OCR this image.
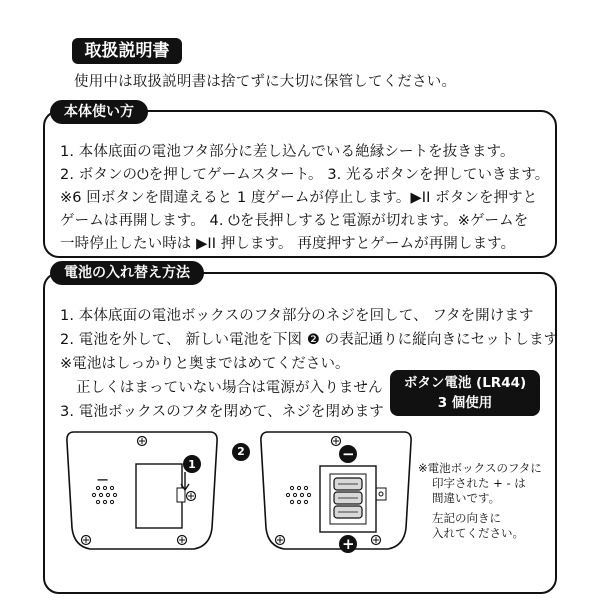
取扱説明書
使用中は取扱説明書は捨てずに大切に保管してください。
本体使い方
1. 本体底面の電池フタ部分に差し込んでいる絶縁シートを抜きます。
2. ボタンの⏻を押してゲームスタート。 3. 光るボタンを押していきます。
※6 回ボタンを間違えると 1 度ゲームが停止します。▶II ボタンを押すと
ゲームは再開します。 4. ⏻を長押しすると電源が切れます。※ゲームを
一時停止したい時は ▶II 押します。 再度押すとゲームが再開します。
電池の入れ替え方法
1. 本体底面の電池ボックスのフタ部分のネジを回して、 フタを開けます
2. 電池を外して、 新しい電池を下図 ❷ の表記通りに縦向きにセットします
※電池はしっかりと奥まではめてください。
正しくはまっていない場合は電源が入りません
3. 電池ボックスのフタを閉めて、ネジを閉めます
ボタン電池 (LR44)
3 個使用
−
1
2	−
+
※電池ボックスのフタに
印字された + - は
間違いです。
左記の向きに
入れてください。
